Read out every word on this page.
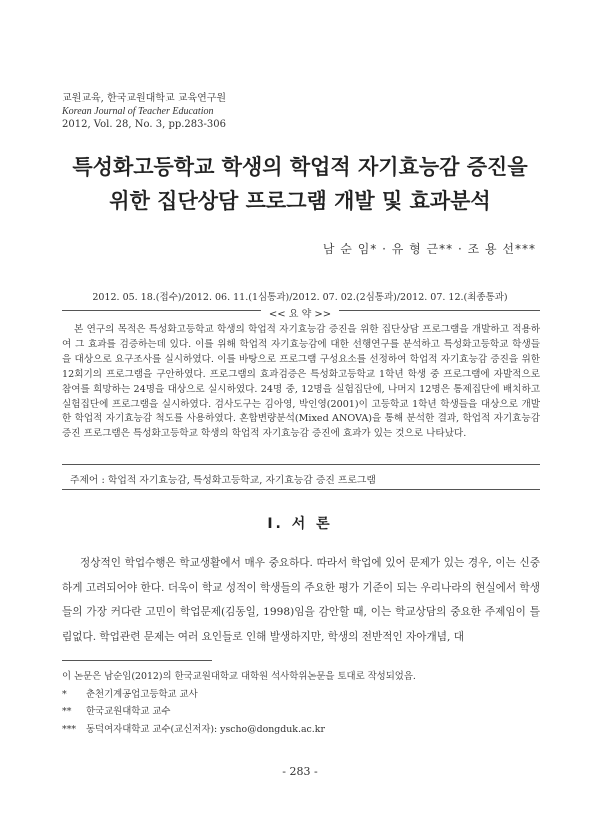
교원교육, 한국교원대학교 교육연구원
Korean Journal of Teacher Education
2012, Vol. 28, No. 3, pp.283-306
특성화고등학교 학생의 학업적 자기효능감 증진을
위한 집단상담 프로그램 개발 및 효과분석
남 순 임* · 유 형 근** · 조 용 선***
2012. 05. 18.(접수)/2012. 06. 11.(1심통과)/2012. 07. 02.(2심통과)/2012. 07. 12.(최종통과)
<< 요 약 >>
본 연구의 목적은 특성화고등학교 학생의 학업적 자기효능감 증진을 위한 집단상담 프로그램을 개발하고 적용하여 그 효과를 검증하는데 있다. 이를 위해 학업적 자기효능감에 대한 선행연구를 분석하고 특성화고등학교 학생들을 대상으로 요구조사를 실시하였다. 이를 바탕으로 프로그램 구성요소를 선정하여 학업적 자기효능감 증진을 위한 12회기의 프로그램을 구안하였다. 프로그램의 효과검증은 특성화고등학교 1학년 학생 중 프로그램에 자발적으로 참여를 희망하는 24명을 대상으로 실시하였다. 24명 중, 12명을 실험집단에, 나머지 12명은 통제집단에 배치하고 실험집단에 프로그램을 실시하였다. 검사도구는 김아영, 박인영(2001)이 고등학교 1학년 학생들을 대상으로 개발한 학업적 자기효능감 척도를 사용하였다. 혼합변량분석(Mixed ANOVA)을 통해 분석한 결과, 학업적 자기효능감 증진 프로그램은 특성화고등학교 학생의 학업적 자기효능감 증진에 효과가 있는 것으로 나타났다.
주제어 : 학업적 자기효능감, 특성화고등학교, 자기효능감 증진 프로그램
Ⅰ. 서 론
정상적인 학업수행은 학교생활에서 매우 중요하다. 따라서 학업에 있어 문제가 있는 경우, 이는 신중하게 고려되어야 한다. 더욱이 학교 성적이 학생들의 주요한 평가 기준이 되는 우리나라의 현실에서 학생들의 가장 커다란 고민이 학업문제(김동일, 1998)임을 감안할 때, 이는 학교상담의 중요한 주제임이 틀림없다. 학업관련 문제는 여러 요인들로 인해 발생하지만, 학생의 전반적인 자아개념, 대
이 논문은 남순임(2012)의 한국교원대학교 대학원 석사학위논문을 토대로 작성되었음.
* 춘천기계공업고등학교 교사
** 한국교원대학교 교수
*** 동덕여자대학교 교수(교신저자): yscho@dongduk.ac.kr
- 283 -
